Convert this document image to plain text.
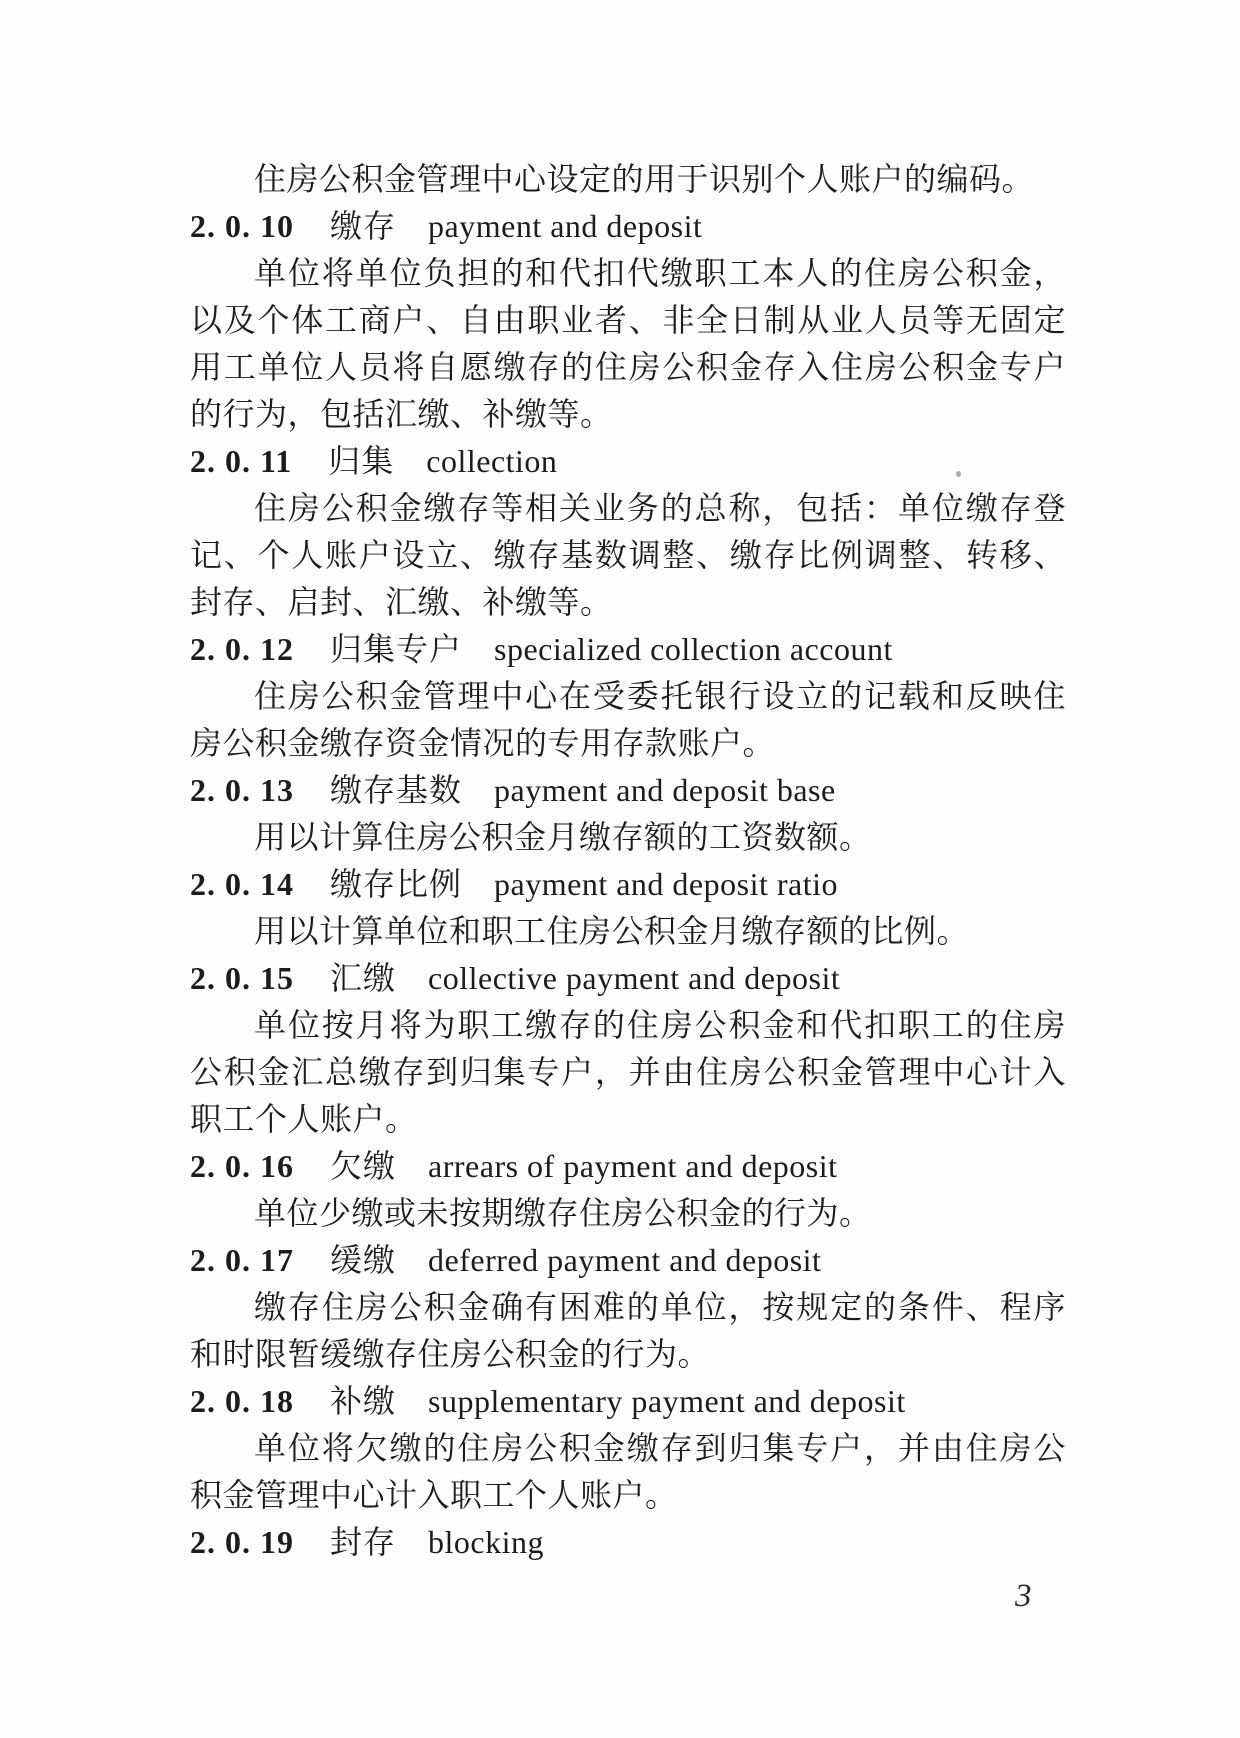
住房公积金管理中心设定的用于识别个人账户的编码。

2. 0. 10 缴存 payment and deposit

单位将单位负担的和代扣代缴职工本人的住房公积金，以及个体工商户、自由职业者、非全日制从业人员等无固定用工单位人员将自愿缴存的住房公积金存入住房公积金专户的行为，包括汇缴、补缴等。

2. 0. 11 归集 collection

住房公积金缴存等相关业务的总称，包括：单位缴存登记、个人账户设立、缴存基数调整、缴存比例调整、转移、封存、启封、汇缴、补缴等。

2. 0. 12 归集专户 specialized collection account

住房公积金管理中心在受委托银行设立的记载和反映住房公积金缴存资金情况的专用存款账户。

2. 0. 13 缴存基数 payment and deposit base

用以计算住房公积金月缴存额的工资数额。

2. 0. 14 缴存比例 payment and deposit ratio

用以计算单位和职工住房公积金月缴存额的比例。

2. 0. 15 汇缴 collective payment and deposit

单位按月将为职工缴存的住房公积金和代扣职工的住房公积金汇总缴存到归集专户，并由住房公积金管理中心计入职工个人账户。

2. 0. 16 欠缴 arrears of payment and deposit

单位少缴或未按期缴存住房公积金的行为。

2. 0. 17 缓缴 deferred payment and deposit

缴存住房公积金确有困难的单位，按规定的条件、程序和时限暂缓缴存住房公积金的行为。

2. 0. 18 补缴 supplementary payment and deposit

单位将欠缴的住房公积金缴存到归集专户，并由住房公积金管理中心计入职工个人账户。

2. 0. 19 封存 blocking

3
